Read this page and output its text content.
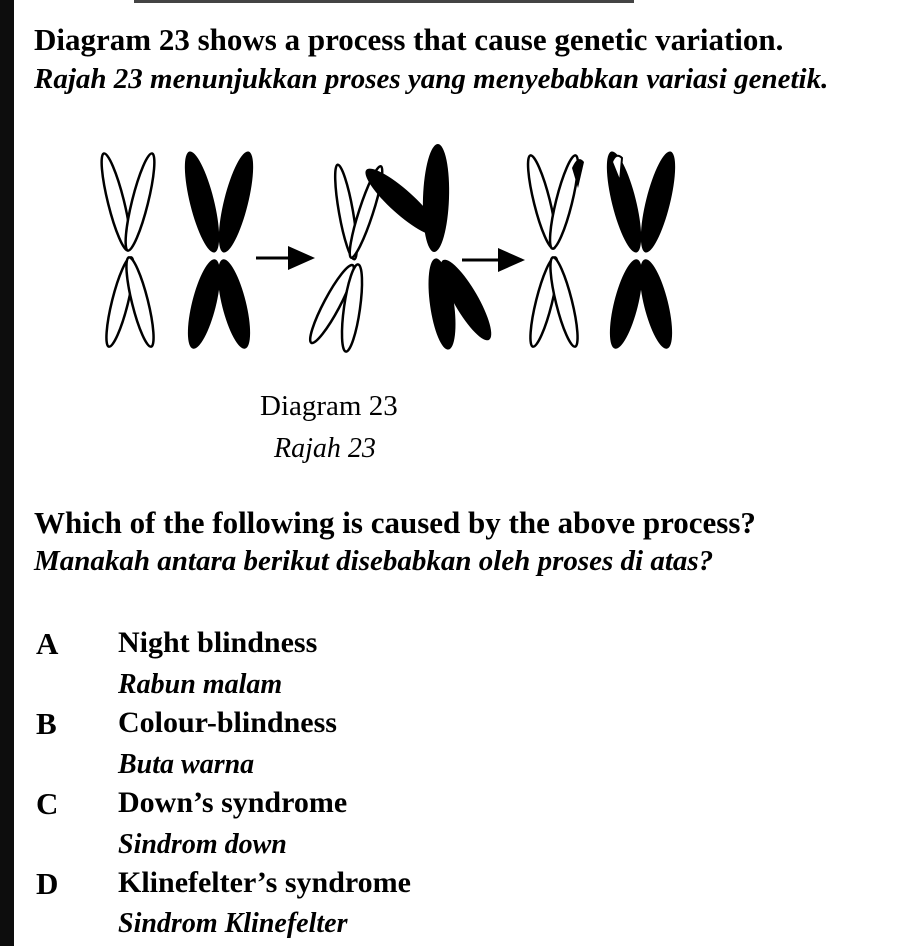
Diagram 23 shows a process that cause genetic variation.
Rajah 23 menunjukkan proses yang menyebabkan variasi genetik.
Diagram 23
Rajah 23
Which of the following is caused by the above process?
Manakah antara berikut disebabkan oleh proses di atas?
A Night blindness
Rabun malam
B Colour-blindness
Buta warna
C Down’s syndrome
Sindrom down
D Klinefelter’s syndrome
Sindrom Klinefelter
